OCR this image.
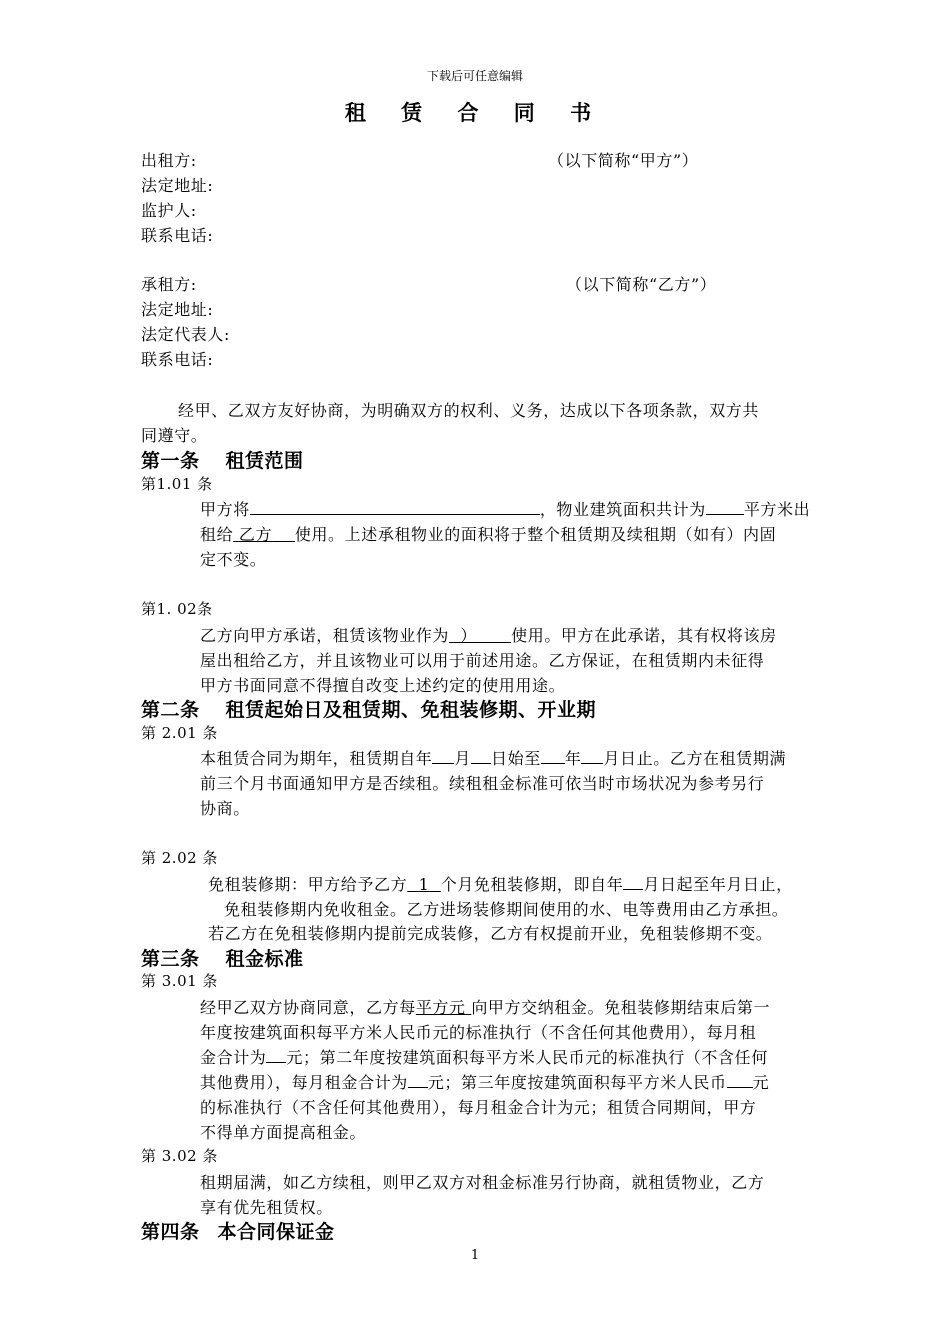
下载后可任意编辑
租 赁 合 同 书
出租方:	（以下简称“甲方”）
法定地址:
监护人:
联系电话:
承租方:	（以下简称“乙方”）
法定地址:
法定代表人:
联系电话:
经甲、乙双方友好协商，为明确双方的权利、义务，达成以下各项条款，双方共
同遵守。
第一条 租赁范围
第1.01 条
甲方将	，物业建筑面积共计为 平方米出
租给 乙方 使用。上述承租物业的面积将于整个租赁期及续租期（如有）内固
定不变。
第1. 02条
乙方向甲方承诺，租赁该物业作为 ） 使用。甲方在此承诺，其有权将该房
屋出租给乙方，并且该物业可以用于前述用途。乙方保证，在租赁期内未征得
甲方书面同意不得擅自改变上述约定的使用用途。
第二条 租赁起始日及租赁期、免租装修期、开业期
第 2.01 条
本租赁合同为期年，租赁期自年 月 日始至 年 月日止。乙方在租赁期满
前三个月书面通知甲方是否续租。续租租金标准可依当时市场状况为参考另行
协商。
第 2.02 条
免租装修期：甲方给予乙方 1 个月免租装修期，即自年 月日起至年月日止，
免租装修期内免收租金。乙方进场装修期间使用的水、电等费用由乙方承担。
若乙方在免租装修期内提前完成装修，乙方有权提前开业，免租装修期不变。
第三条 租金标准
第 3.01 条
经甲乙双方协商同意，乙方每平方元 向甲方交纳租金。免租装修期结束后第一
年度按建筑面积每平方米人民币元的标准执行（不含任何其他费用），每月租
金合计为 元；第二年度按建筑面积每平方米人民币元的标准执行（不含任何
其他费用），每月租金合计为 元；第三年度按建筑面积每平方米人民币 元
的标准执行（不含任何其他费用），每月租金合计为元；租赁合同期间，甲方
不得单方面提高租金。
第 3.02 条
租期届满，如乙方续租，则甲乙双方对租金标准另行协商，就租赁物业，乙方
享有优先租赁权。
第四条 本合同保证金
1
